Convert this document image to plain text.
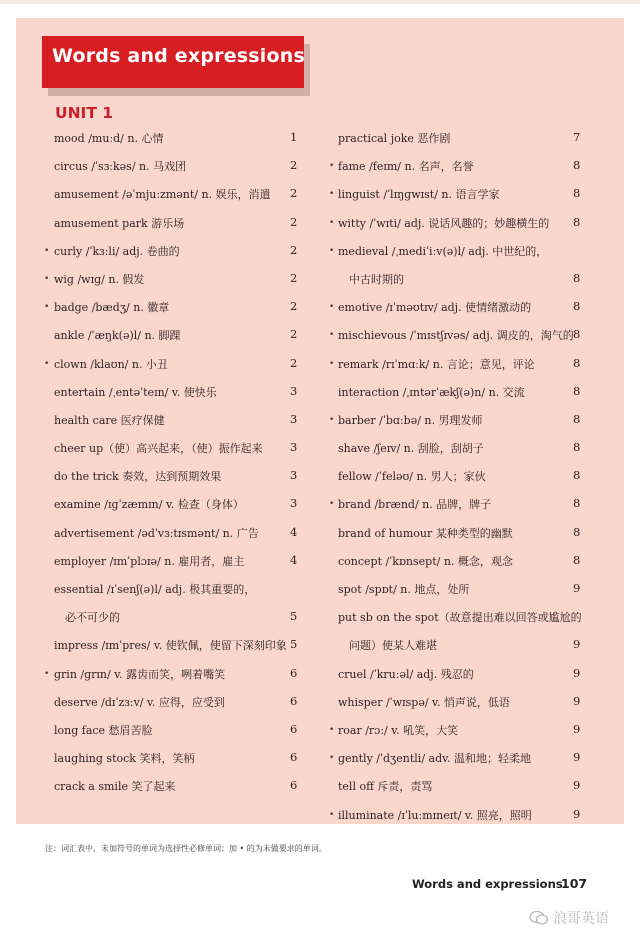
Words and expressions
UNIT 1
mood /muːd/ n. 心情	1
circus /ˈsɜːkəs/ n. 马戏团	2
amusement /əˈmjuːzmənt/ n. 娱乐，消遣 2
amusement park 游乐场	2
• curly /ˈkɜːli/ adj. 卷曲的	2
• wig /wɪɡ/ n. 假发	2
• badge /bædʒ/ n. 徽章	2
ankle /ˈæŋk(ə)l/ n. 脚踝	2
• clown /klaʊn/ n. 小丑	2
entertain /ˌentəˈteɪn/ v. 使快乐	3
health care 医疗保健	3
cheer up（使）高兴起来，（使）振作起来 3
do the trick 奏效，达到预期效果	3
examine /ɪɡˈzæmɪn/ v. 检查（身体）	3
advertisement /ədˈvɜːtɪsmənt/ n. 广告	4
employer /ɪmˈplɔɪə/ n. 雇用者，雇主	4
essential /ɪˈsenʃ(ə)l/ adj. 极其重要的，
必不可少的	5
impress /ɪmˈpres/ v. 使钦佩，使留下深刻印象 5
• grin /ɡrɪn/ v. 露齿而笑，咧着嘴笑	6
deserve /dɪˈzɜːv/ v. 应得，应受到	6
long face 愁眉苦脸	6
laughing stock 笑料，笑柄	6
crack a smile 笑了起来	6
practical joke 恶作剧	7
• fame /feɪm/ n. 名声，名誉	8
• linguist /ˈlɪŋɡwɪst/ n. 语言学家	8
• witty /ˈwɪti/ adj. 说话风趣的；妙趣横生的 8
• medieval /ˌmediˈiːv(ə)l/ adj. 中世纪的，
中古时期的	8
• emotive /ɪˈməʊtɪv/ adj. 使情绪激动的	8
• mischievous /ˈmɪstʃɪvəs/ adj. 调皮的，淘气的 8
• remark /rɪˈmɑːk/ n. 言论；意见，评论	8
interaction /ˌɪntərˈækʃ(ə)n/ n. 交流	8
• barber /ˈbɑːbə/ n. 男理发师	8
shave /ʃeɪv/ n. 刮脸，刮胡子	8
fellow /ˈfeləʊ/ n. 男人；家伙	8
• brand /brænd/ n. 品牌，牌子	8
brand of humour 某种类型的幽默	8
concept /ˈkɒnsept/ n. 概念，观念	8
spot /spɒt/ n. 地点，处所	9
put sb on the spot（故意提出难以回答或尴尬的
问题）使某人难堪	9
cruel /ˈkruːəl/ adj. 残忍的	9
whisper /ˈwɪspə/ v. 悄声说，低语	9
• roar /rɔː/ v. 吼笑，大笑	9
• gently /ˈdʒentli/ adv. 温和地；轻柔地	9
tell off 斥责，责骂	9
• illuminate /ɪˈluːmɪneɪt/ v. 照亮，照明	9
注：词汇表中，未加符号的单词为选择性必修单词；加 • 的为未做要求的单词。
Words and expressions
107
浪哥英语
